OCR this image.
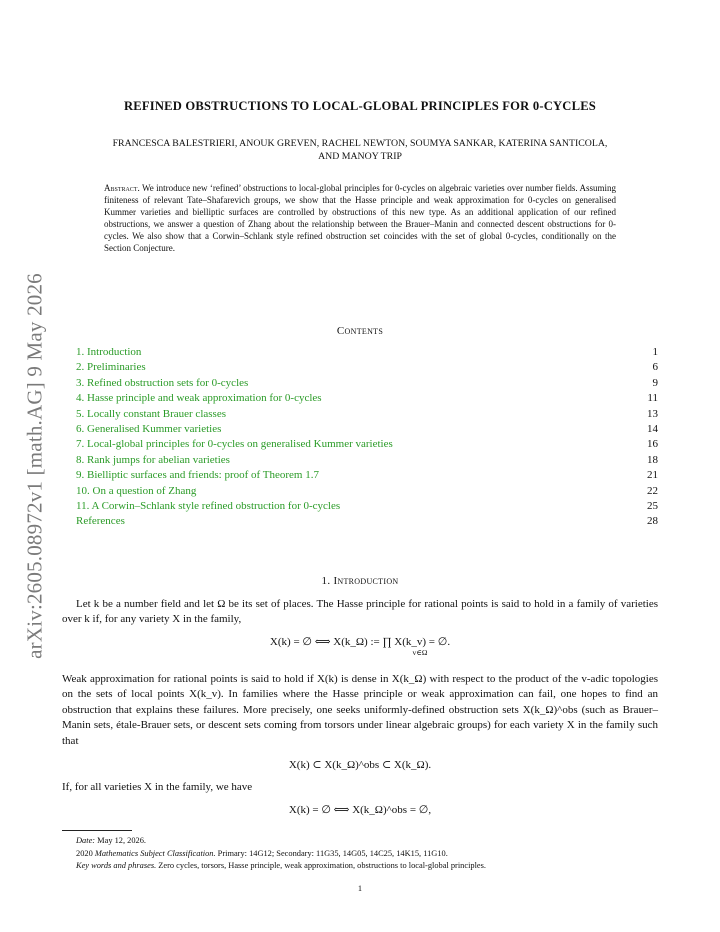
arXiv:2605.08972v1 [math.AG] 9 May 2026
REFINED OBSTRUCTIONS TO LOCAL-GLOBAL PRINCIPLES FOR 0-CYCLES
FRANCESCA BALESTRIERI, ANOUK GREVEN, RACHEL NEWTON, SOUMYA SANKAR, KATERINA SANTICOLA,
AND MANOY TRIP
Abstract. We introduce new ‘refined’ obstructions to local-global principles for 0-cycles on algebraic varieties over number fields. Assuming finiteness of relevant Tate–Shafarevich groups, we show that the Hasse principle and weak approximation for 0-cycles on generalised Kummer varieties and bielliptic surfaces are controlled by obstructions of this new type. As an additional application of our refined obstructions, we answer a question of Zhang about the relationship between the Brauer–Manin and connected descent obstructions for 0-cycles. We also show that a Corwin–Schlank style refined obstruction set coincides with the set of global 0-cycles, conditionally on the Section Conjecture.
Contents
1. Introduction	1
2. Preliminaries	6
3. Refined obstruction sets for 0-cycles	9
4. Hasse principle and weak approximation for 0-cycles	11
5. Locally constant Brauer classes	13
6. Generalised Kummer varieties	14
7. Local-global principles for 0-cycles on generalised Kummer varieties	16
8. Rank jumps for abelian varieties	18
9. Bielliptic surfaces and friends: proof of Theorem 1.7	21
10. On a question of Zhang	22
11. A Corwin–Schlank style refined obstruction for 0-cycles	25
References	28
1. Introduction
Let k be a number field and let Ω be its set of places. The Hasse principle for rational points is said to hold in a family of varieties over k if, for any variety X in the family,
X(k) = ∅ ⟺ X(k_Ω) := ∏ X(k_v) = ∅.
v∈Ω
Weak approximation for rational points is said to hold if X(k) is dense in X(k_Ω) with respect to the product of the v-adic topologies on the sets of local points X(k_v). In families where the Hasse principle or weak approximation can fail, one hopes to find an obstruction that explains these failures. More precisely, one seeks uniformly-defined obstruction sets X(k_Ω)^obs (such as Brauer–Manin sets, étale-Brauer sets, or descent sets coming from torsors under linear algebraic groups) for each variety X in the family such that
X(k) ⊂ X(k_Ω)^obs ⊂ X(k_Ω).
If, for all varieties X in the family, we have
X(k) = ∅ ⟺ X(k_Ω)^obs = ∅,
Date: May 12, 2026.
2020 Mathematics Subject Classification. Primary: 14G12; Secondary: 11G35, 14G05, 14C25, 14K15, 11G10.
Key words and phrases. Zero cycles, torsors, Hasse principle, weak approximation, obstructions to local-global principles.
1
